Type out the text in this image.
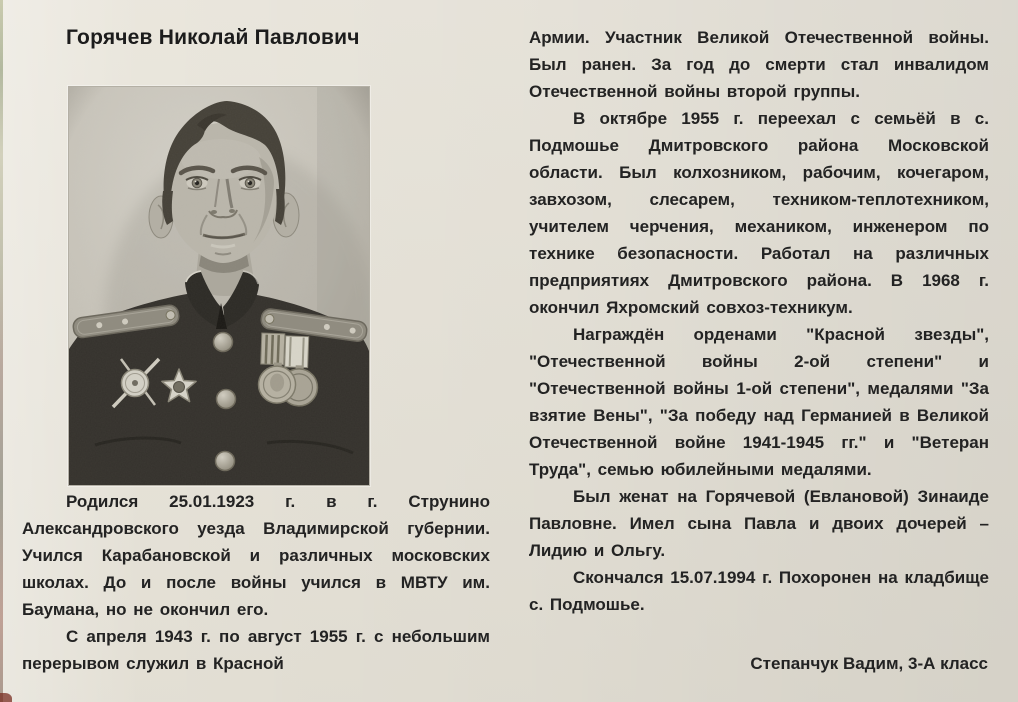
Горячев Николай Павлович

Родился 25.01.1923 г. в г. Струнино Александровского уезда Владимирской губернии. Учился Карабановской и различных московских школах. До и после войны учился в МВТУ им. Баумана, но не окончил его.

С апреля 1943 г. по август 1955 г. с небольшим перерывом служил в Красной

Армии. Участник Великой Отечественной войны. Был ранен. За год до смерти стал инвалидом Отечественной войны второй группы.

В октябре 1955 г. переехал с семьёй в с. Подмошье Дмитровского района Московской области. Был колхозником, рабочим, кочегаром, завхозом, слесарем, техником-теплотехником, учителем черчения, механиком, инженером по технике безопасности. Работал на различных предприятиях Дмитровского района. В 1968 г. окончил Яхромский совхоз-техникум.

Награждён орденами "Красной звезды", "Отечественной войны 2-ой степени" и "Отечественной войны 1-ой степени", медалями "За взятие Вены", "За победу над Германией в Великой Отечественной войне 1941-1945 гг." и "Ветеран Труда", семью юбилейными медалями.

Был женат на Горячевой (Евлановой) Зинаиде Павловне. Имел сына Павла и двоих дочерей – Лидию и Ольгу.

Скончался 15.07.1994 г. Похоронен на кладбище с. Подмошье.

Степанчук Вадим, 3-А класс
